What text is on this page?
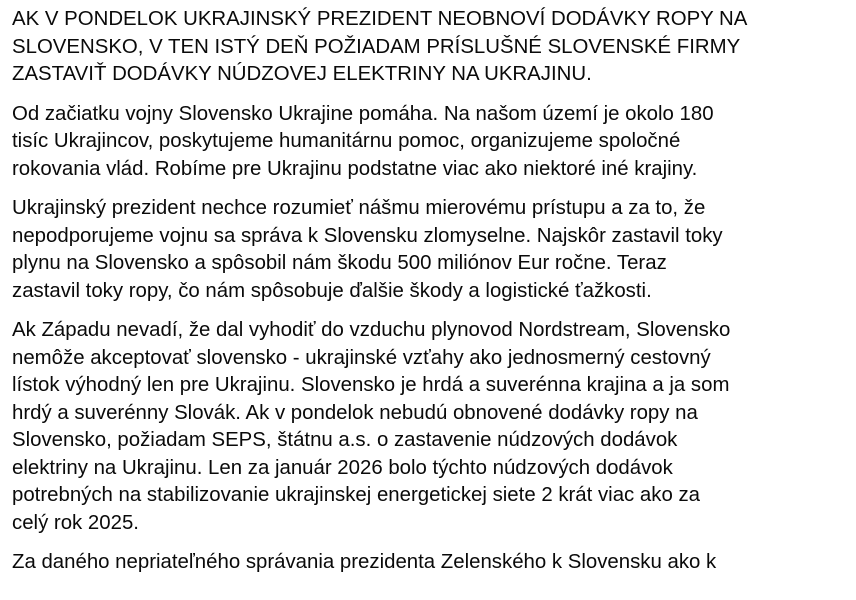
AK V PONDELOK UKRAJINSKÝ PREZIDENT NEOBNOVÍ DODÁVKY ROPY NA
SLOVENSKO, V TEN ISTÝ DEŇ POŽIADAM PRÍSLUŠNÉ SLOVENSKÉ FIRMY
ZASTAVIŤ DODÁVKY NÚDZOVEJ ELEKTRINY NA UKRAJINU.

Od začiatku vojny Slovensko Ukrajine pomáha. Na našom území je okolo 180
tisíc Ukrajincov, poskytujeme humanitárnu pomoc, organizujeme spoločné
rokovania vlád. Robíme pre Ukrajinu podstatne viac ako niektoré iné krajiny.

Ukrajinský prezident nechce rozumieť nášmu mierovému prístupu a za to, že
nepodporujeme vojnu sa správa k Slovensku zlomyselne. Najskôr zastavil toky
plynu na Slovensko a spôsobil nám škodu 500 miliónov Eur ročne. Teraz
zastavil toky ropy, čo nám spôsobuje ďalšie škody a logistické ťažkosti.

Ak Západu nevadí, že dal vyhodiť do vzduchu plynovod Nordstream, Slovensko
nemôže akceptovať slovensko - ukrajinské vzťahy ako jednosmerný cestovný
lístok výhodný len pre Ukrajinu. Slovensko je hrdá a suverénna krajina a ja som
hrdý a suverénny Slovák. Ak v pondelok nebudú obnovené dodávky ropy na
Slovensko, požiadam SEPS, štátnu a.s. o zastavenie núdzových dodávok
elektriny na Ukrajinu. Len za január 2026 bolo týchto núdzových dodávok
potrebných na stabilizovanie ukrajinskej energetickej siete 2 krát viac ako za
celý rok 2025.

Za daného nepriateľného správania prezidenta Zelenského k Slovensku ako k
